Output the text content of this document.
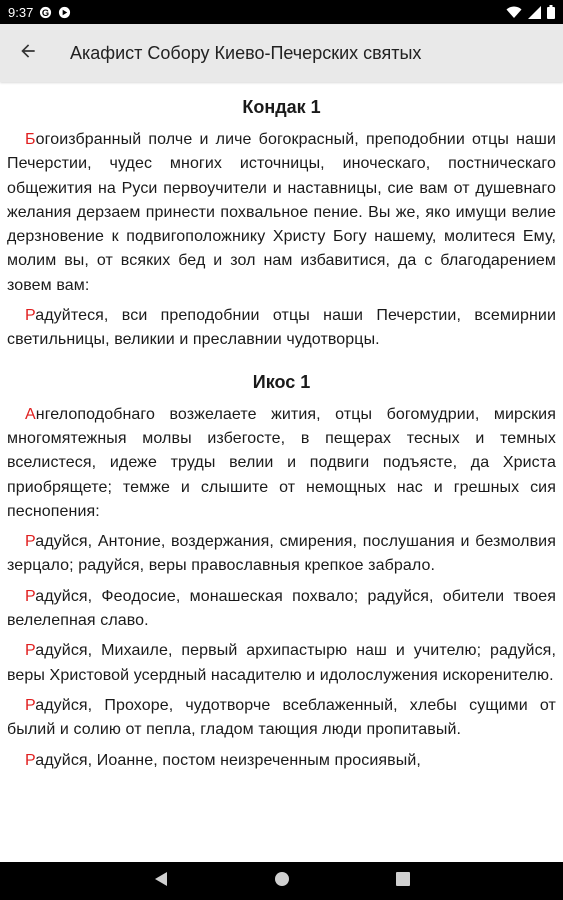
9:37 G
Акафист Собору Киево-Печерских святых
Кондак 1

Богоизбранный полче и личе богокрасный, преподобнии отцы наши Печерстии, чудес многих источницы, иноческаго, постническаго общежития на Руси первоучители и наставницы, сие вам от душевнаго желания дерзаем принести похвальное пение. Вы же, яко имущи велие дерзновение к подвигоположнику Христу Богу нашему, молитеся Ему, молим вы, от всяких бед и зол нам избавитися, да с благодарением зовем вам:

Радуйтеся, вси преподобнии отцы наши Печерстии, всемирнии светильницы, великии и преславнии чудотворцы.

Икос 1

Ангелоподобнаго возжелаете жития, отцы богомудрии, мирския многомятежныя молвы избегосте, в пещерах тесных и темных вселистеся, идеже труды велии и подвиги подъясте, да Христа приобрящете; темже и слышите от немощных нас и грешных сия песнопения:

Радуйся, Антоние, воздержания, смирения, послушания и безмолвия зерцало; радуйся, веры православныя крепкое забрало.

Радуйся, Феодосие, монашеская похвало; радуйся, обители твоея велелепная славо.

Радуйся, Михаиле, первый архипастырю наш и учителю; радуйся, веры Христовой усердный насадителю и идолослужения искоренителю.

Радуйся, Прохоре, чудотворче всеблаженный, хлебы сущими от былий и солию от пепла, гладом тающия люди пропитавый.

Радуйся, Иоанне, постом неизреченным просиявый,
